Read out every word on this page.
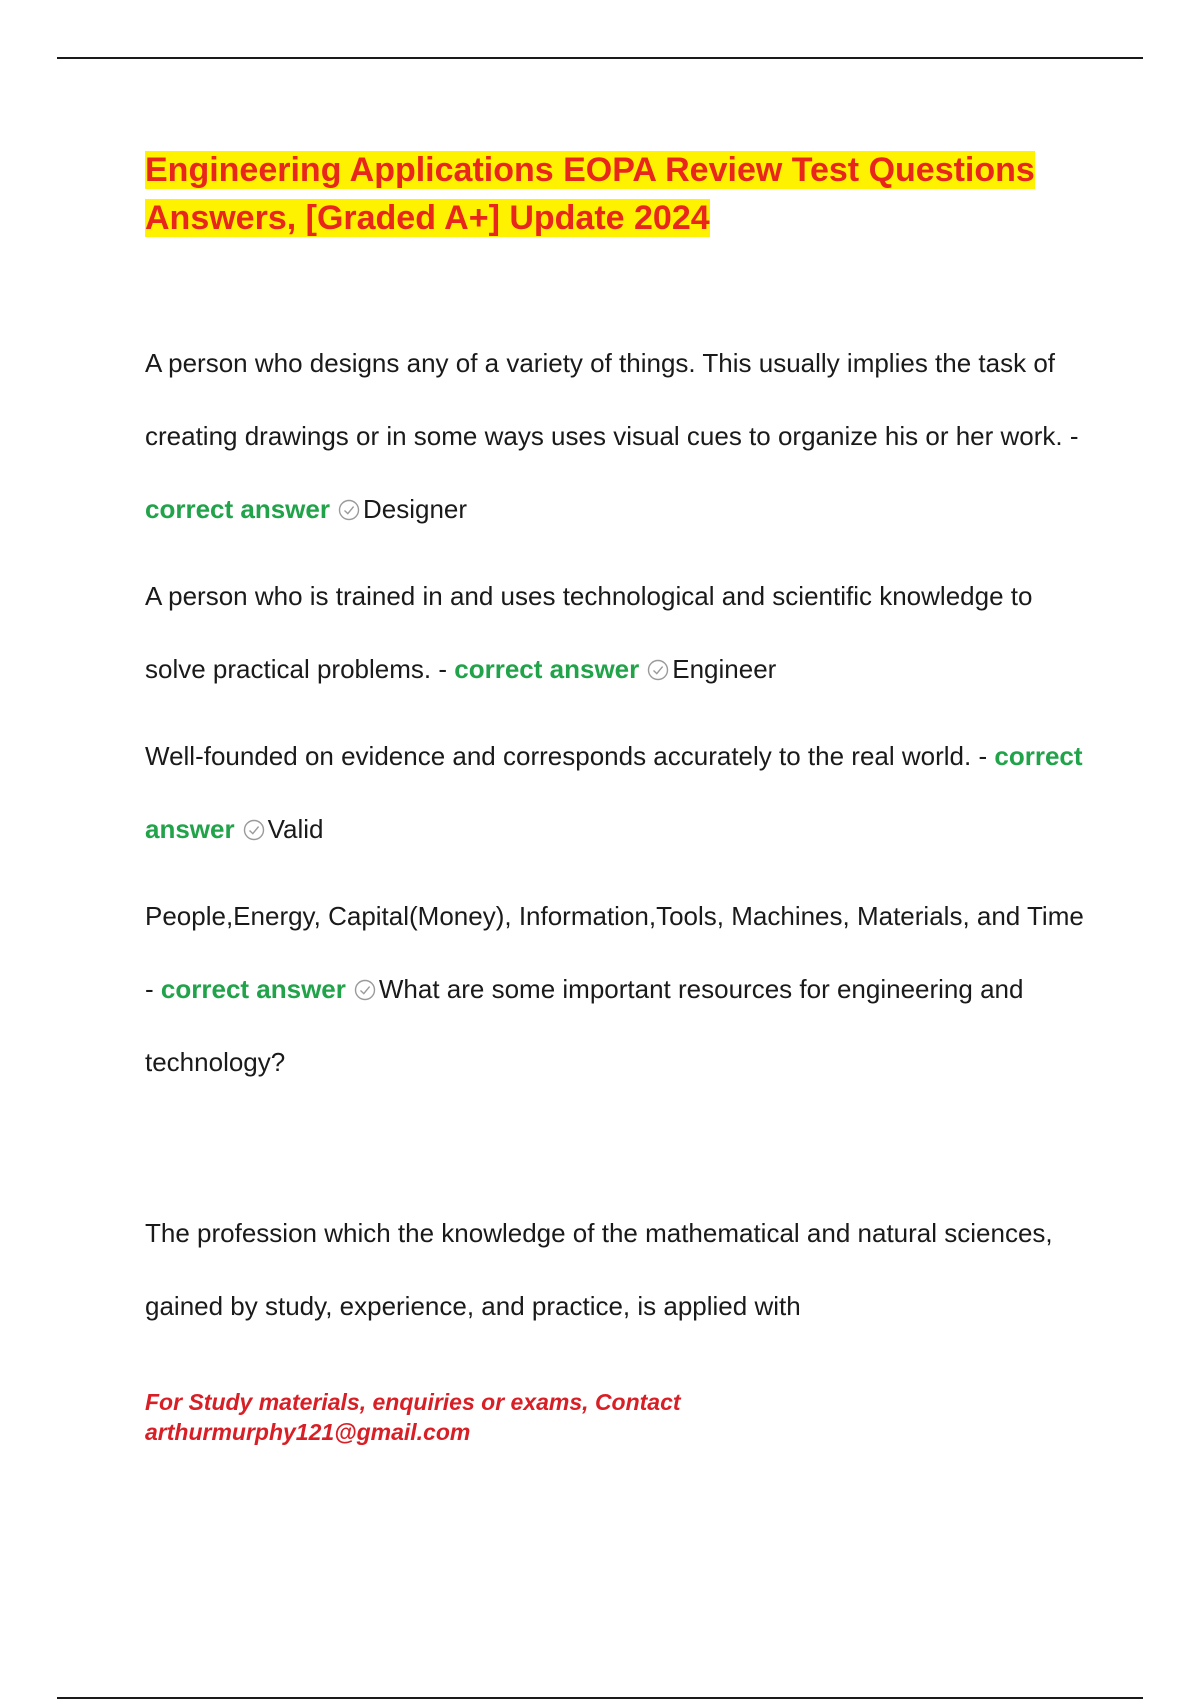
Engineering Applications EOPA Review Test Questions Answers, [Graded A+] Update 2024

A person who designs any of a variety of things. This usually implies the task of creating drawings or in some ways uses visual cues to organize his or her work. - correct answer Designer

A person who is trained in and uses technological and scientific knowledge to solve practical problems. - correct answer Engineer

Well-founded on evidence and corresponds accurately to the real world. - correct answer Valid

People,Energy, Capital(Money), Information,Tools, Machines, Materials, and Time - correct answer What are some important resources for engineering and technology?

The profession which the knowledge of the mathematical and natural sciences, gained by study, experience, and practice, is applied with

For Study materials, enquiries or exams, Contact
arthurmurphy121@gmail.com
